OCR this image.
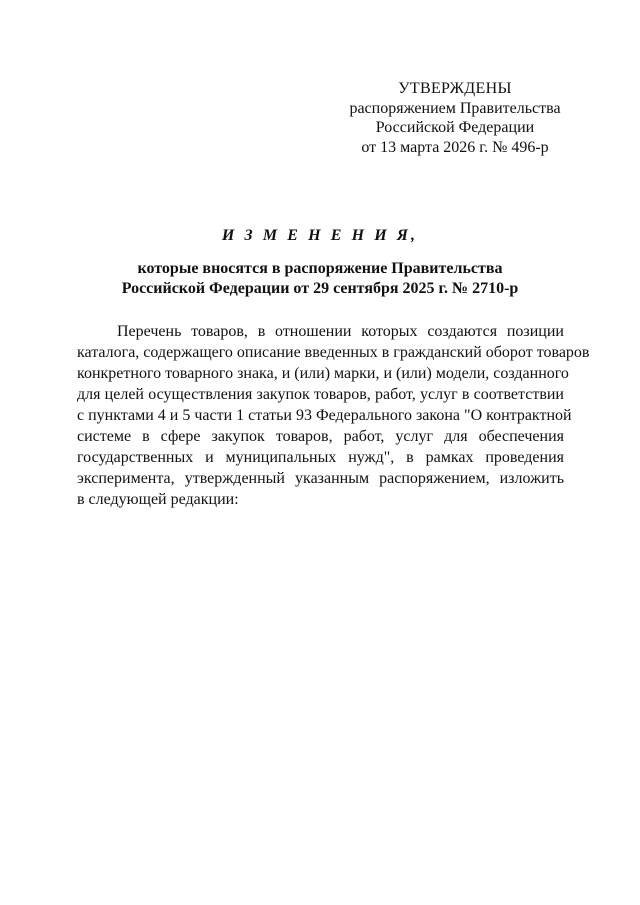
УТВЕРЖДЕНЫ
распоряжением Правительства
Российской Федерации
от 13 марта 2026 г. № 496-р
И З М Е Н Е Н И Я,
которые вносятся в распоряжение Правительства
Российской Федерации от 29 сентября 2025 г. № 2710-р
Перечень товаров, в отношении которых создаются позиции
каталога, содержащего описание введенных в гражданский оборот товаров
конкретного товарного знака, и (или) марки, и (или) модели, созданного
для целей осуществления закупок товаров, работ, услуг в соответствии
с пунктами 4 и 5 части 1 статьи 93 Федерального закона "О контрактной
системе в сфере закупок товаров, работ, услуг для обеспечения
государственных и муниципальных нужд", в рамках проведения
эксперимента, утвержденный указанным распоряжением, изложить
в следующей редакции:
